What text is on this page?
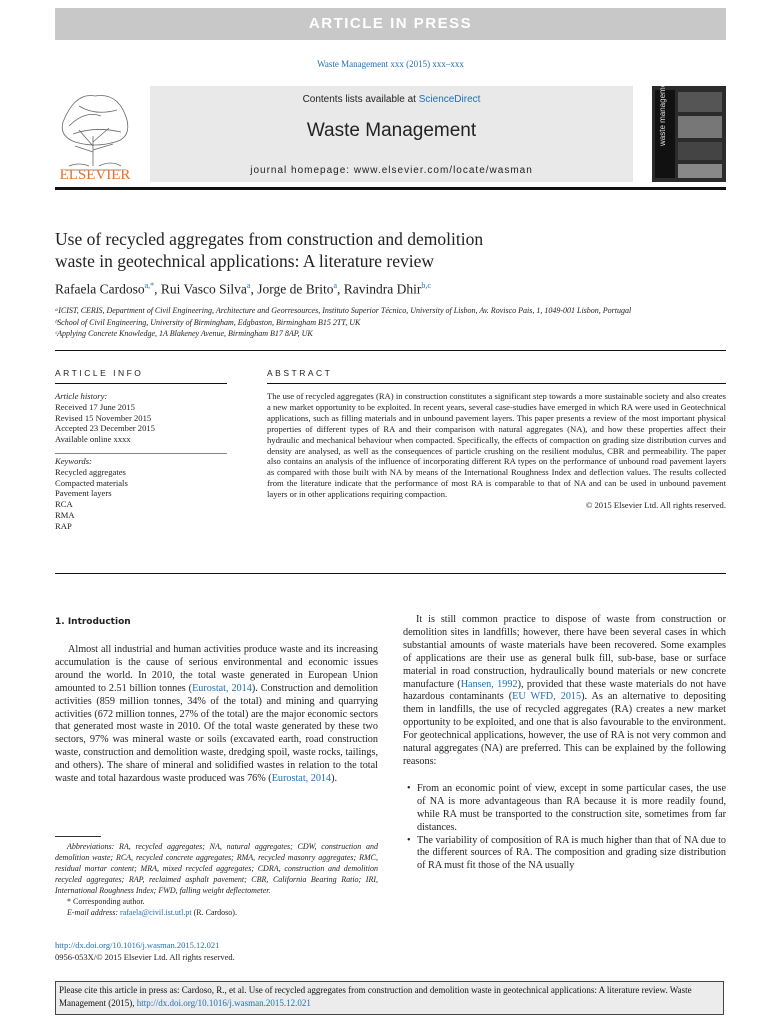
ARTICLE IN PRESS
Waste Management xxx (2015) xxx–xxx
ELSEVIER
Contents lists available at ScienceDirect
Waste Management
journal homepage: www.elsevier.com/locate/wasman
waste management
Use of recycled aggregates from construction and demolition
waste in geotechnical applications: A literature review
Rafaela Cardoso$^{a,*}$, Rui Vasco Silva$^a$, Jorge de Brito$^a$, Ravindra Dhir$^{b,c}$
ᵃICIST, CERIS, Department of Civil Engineering, Architecture and Georresources, Instituto Superior Técnico, University of Lisbon, Av. Rovisco Pais, 1, 1049-001 Lisbon, Portugal
ᵇSchool of Civil Engineering, University of Birmingham, Edgbaston, Birmingham B15 2TT, UK
ᶜApplying Concrete Knowledge, 1A Blakeney Avenue, Birmingham B17 8AP, UK
ARTICLE INFO	ABSTRACT
Article history:
Received 17 June 2015
Revised 15 November 2015
Accepted 23 December 2015
Available online xxxx
Keywords:
Recycled aggregates
Compacted materials
Pavement layers
RCA
RMA
RAP
The use of recycled aggregates (RA) in construction constitutes a significant step towards a more sustainable society and also creates a new market opportunity to be exploited. In recent years, several case-studies have emerged in which RA were used in Geotechnical applications, such as filling materials and in unbound pavement layers. This paper presents a review of the most important physical properties of different types of RA and their comparison with natural aggregates (NA), and how these properties affect their hydraulic and mechanical behaviour when compacted. Specifically, the effects of compaction on grading size distribution curves and density are analysed, as well as the consequences of particle crushing on the resilient modulus, CBR and permeability. The paper also contains an analysis of the influence of incorporating different RA types on the performance of unbound road pavement layers as compared with those built with NA by means of the International Roughness Index and deflection values. The results collected from the literature indicate that the performance of most RA is comparable to that of NA and can be used in unbound pavement layers or in other applications requiring compaction.
© 2015 Elsevier Ltd. All rights reserved.
1. Introduction

Almost all industrial and human activities produce waste and its increasing accumulation is the cause of serious environmental and economic issues around the world. In 2010, the total waste generated in European Union amounted to 2.51 billion tonnes (Eurostat, 2014). Construction and demolition activities (859 million tonnes, 34% of the total) and mining and quarrying activities (672 million tonnes, 27% of the total) are the major economic sectors that generated most waste in 2010. Of the total waste generated by these two sectors, 97% was mineral waste or soils (excavated earth, road construction waste, construction and demolition waste, dredging spoil, waste rocks, tailings, and others). The share of mineral and solidified wastes in relation to the total waste and total hazardous waste produced was 76% (Eurostat, 2014).

Abbreviations: RA, recycled aggregates; NA, natural aggregates; CDW, construction and demolition waste; RCA, recycled concrete aggregates; RMA, recycled masonry aggregates; RMC, residual mortar content; MRA, mixed recycled aggregates; CDRA, construction and demolition recycled aggregates; RAP, reclaimed asphalt pavement; CBR, California Bearing Ratio; IRI, International Roughness Index; FWD, falling weight deflectometer.

* Corresponding author.

E-mail address: rafaela@civil.ist.utl.pt (R. Cardoso).

http://dx.doi.org/10.1016/j.wasman.2015.12.021
0956-053X/© 2015 Elsevier Ltd. All rights reserved.

It is still common practice to dispose of waste from construction or demolition sites in landfills; however, there have been several cases in which substantial amounts of waste materials have been recovered. Some examples of applications are their use as general bulk fill, sub-base, base or surface material in road construction, hydraulically bound materials or new concrete manufacture (Hansen, 1992), provided that these waste materials do not have hazardous contaminants (EU WFD, 2015). As an alternative to depositing them in landfills, the use of recycled aggregates (RA) creates a new market opportunity to be exploited, and one that is also favourable to the environment. For geotechnical applications, however, the use of RA is not very common and natural aggregates (NA) are preferred. This can be explained by the following reasons:

• From an economic point of view, except in some particular cases, the use of NA is more advantageous than RA because it is more readily found, while RA must be transported to the construction site, sometimes from far distances.
• The variability of composition of RA is much higher than that of NA due to the different sources of RA. The composition and grading size distribution of RA must fit those of the NA usually
Please cite this article in press as: Cardoso, R., et al. Use of recycled aggregates from construction and demolition waste in geotechnical applications: A literature review. Waste Management (2015), http://dx.doi.org/10.1016/j.wasman.2015.12.021
